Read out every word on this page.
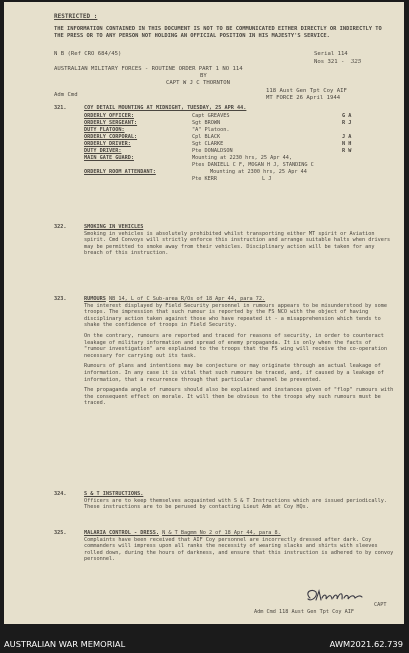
RESTRICTED :
THE INFORMATION CONTAINED IN THIS DOCUMENT IS NOT TO BE COMMUNICATED EITHER DIRECTLY OR INDIRECTLY TO THE PRESS OR TO ANY PERSON NOT HOLDING AN OFFICIAL POSITION IN HIS MAJESTY'S SERVICE.
N B (Ref CRO 684/45)	Serial 114
Nos 321 - 325
AUSTRALIAN MILITARY FORCES - ROUTINE ORDER PART 1 NO 114
BY
CAPT W J C THORNTON
Adm Cmd
118 Aust Gen Tpt Coy AIF
MT FORCE 26 April 1944
321.	COY DETAIL MOUNTING AT MIDNIGHT, TUESDAY, 25 APR 44.
ORDERLY OFFICER:	Capt GREAVES	G A
ORDERLY SERGEANT:	Sgt BROWN	R J
DUTY FLATOON:	"A" Platoon.
ORDERLY CORPORAL:	Cpl BLACK	J A
ORDERLY DRIVER:	Sgt CLARKE	N H
DUTY DRIVER:	Pte DONALDSON	R W
MAIN GATE GUARD:	Mounting at 2230 hrs, 25 Apr 44,
Ptes DANIELL C F, MOGAN H J, STANDING C
ORDERLY ROOM ATTENDANT:	Mounting at 2300 hrs, 25 Apr 44
Pte KERR	L J
322.	SMOKING IN VEHICLES
Smoking in vehicles is absolutely prohibited whilst transporting either MT spirit or Aviation spirit. Cmd Convoys will strictly enforce this instruction and arrange suitable halts when drivers may be permitted to smoke away from their vehicles. Disciplinary action will be taken for any breach of this instruction.
323.	RUMOURS NB 14, L of C Sub-area R/Os of 18 Apr 44, para 72.

The interest displayed by Field Security personnel in rumours appears to be misunderstood by some troops. The impression that such rumour is reported by the FS NCO with the object of having disciplinary action taken against those who have repeated it - a misapprehension which tends to shake the confidence of troops in Field Security.

On the contrary, rumours are reported and traced for reasons of security, in order to counteract leakage of military information and spread of enemy propaganda. It is only when the facts of "rumour investigation" are explained to the troops that the FS wing will receive the co-operation necessary for carrying out its task.

Rumours of plans and intentions may be conjecture or may originate through an actual leakage of information. In any case it is vital that such rumours be traced, and, if caused by a leakage of information, that a recurrence through that particular channel be prevented.

The propaganda angle of rumours should also be explained and instances given of "flop" rumours with the consequent effect on morale. It will then be obvious to the troops why such rumours must be traced.

324.	S & T INSTRUCTIONS.
Officers are to keep themselves acquainted with S & T Instructions which are issued periodically. These instructions are to be perused by contacting Lieut Adm at Coy HQs.
325.	MALARIA CONTROL - DRESS. N & T Bagmm No 2 of 18 Apr 44, para 8.
Complaints have been received that AIF Coy personnel are incorrectly dressed after dark. Coy commanders will impress upon all ranks the necessity of wearing slacks and shirts with sleeves rolled down, during the hours of darkness, and ensure that this instruction is adhered to by convoy personnel.
CAPT
Adm Cmd 118 Aust Gen Tpt Coy AIF
AUSTRALIAN WAR MEMORIAL	AWM2021.62.739
